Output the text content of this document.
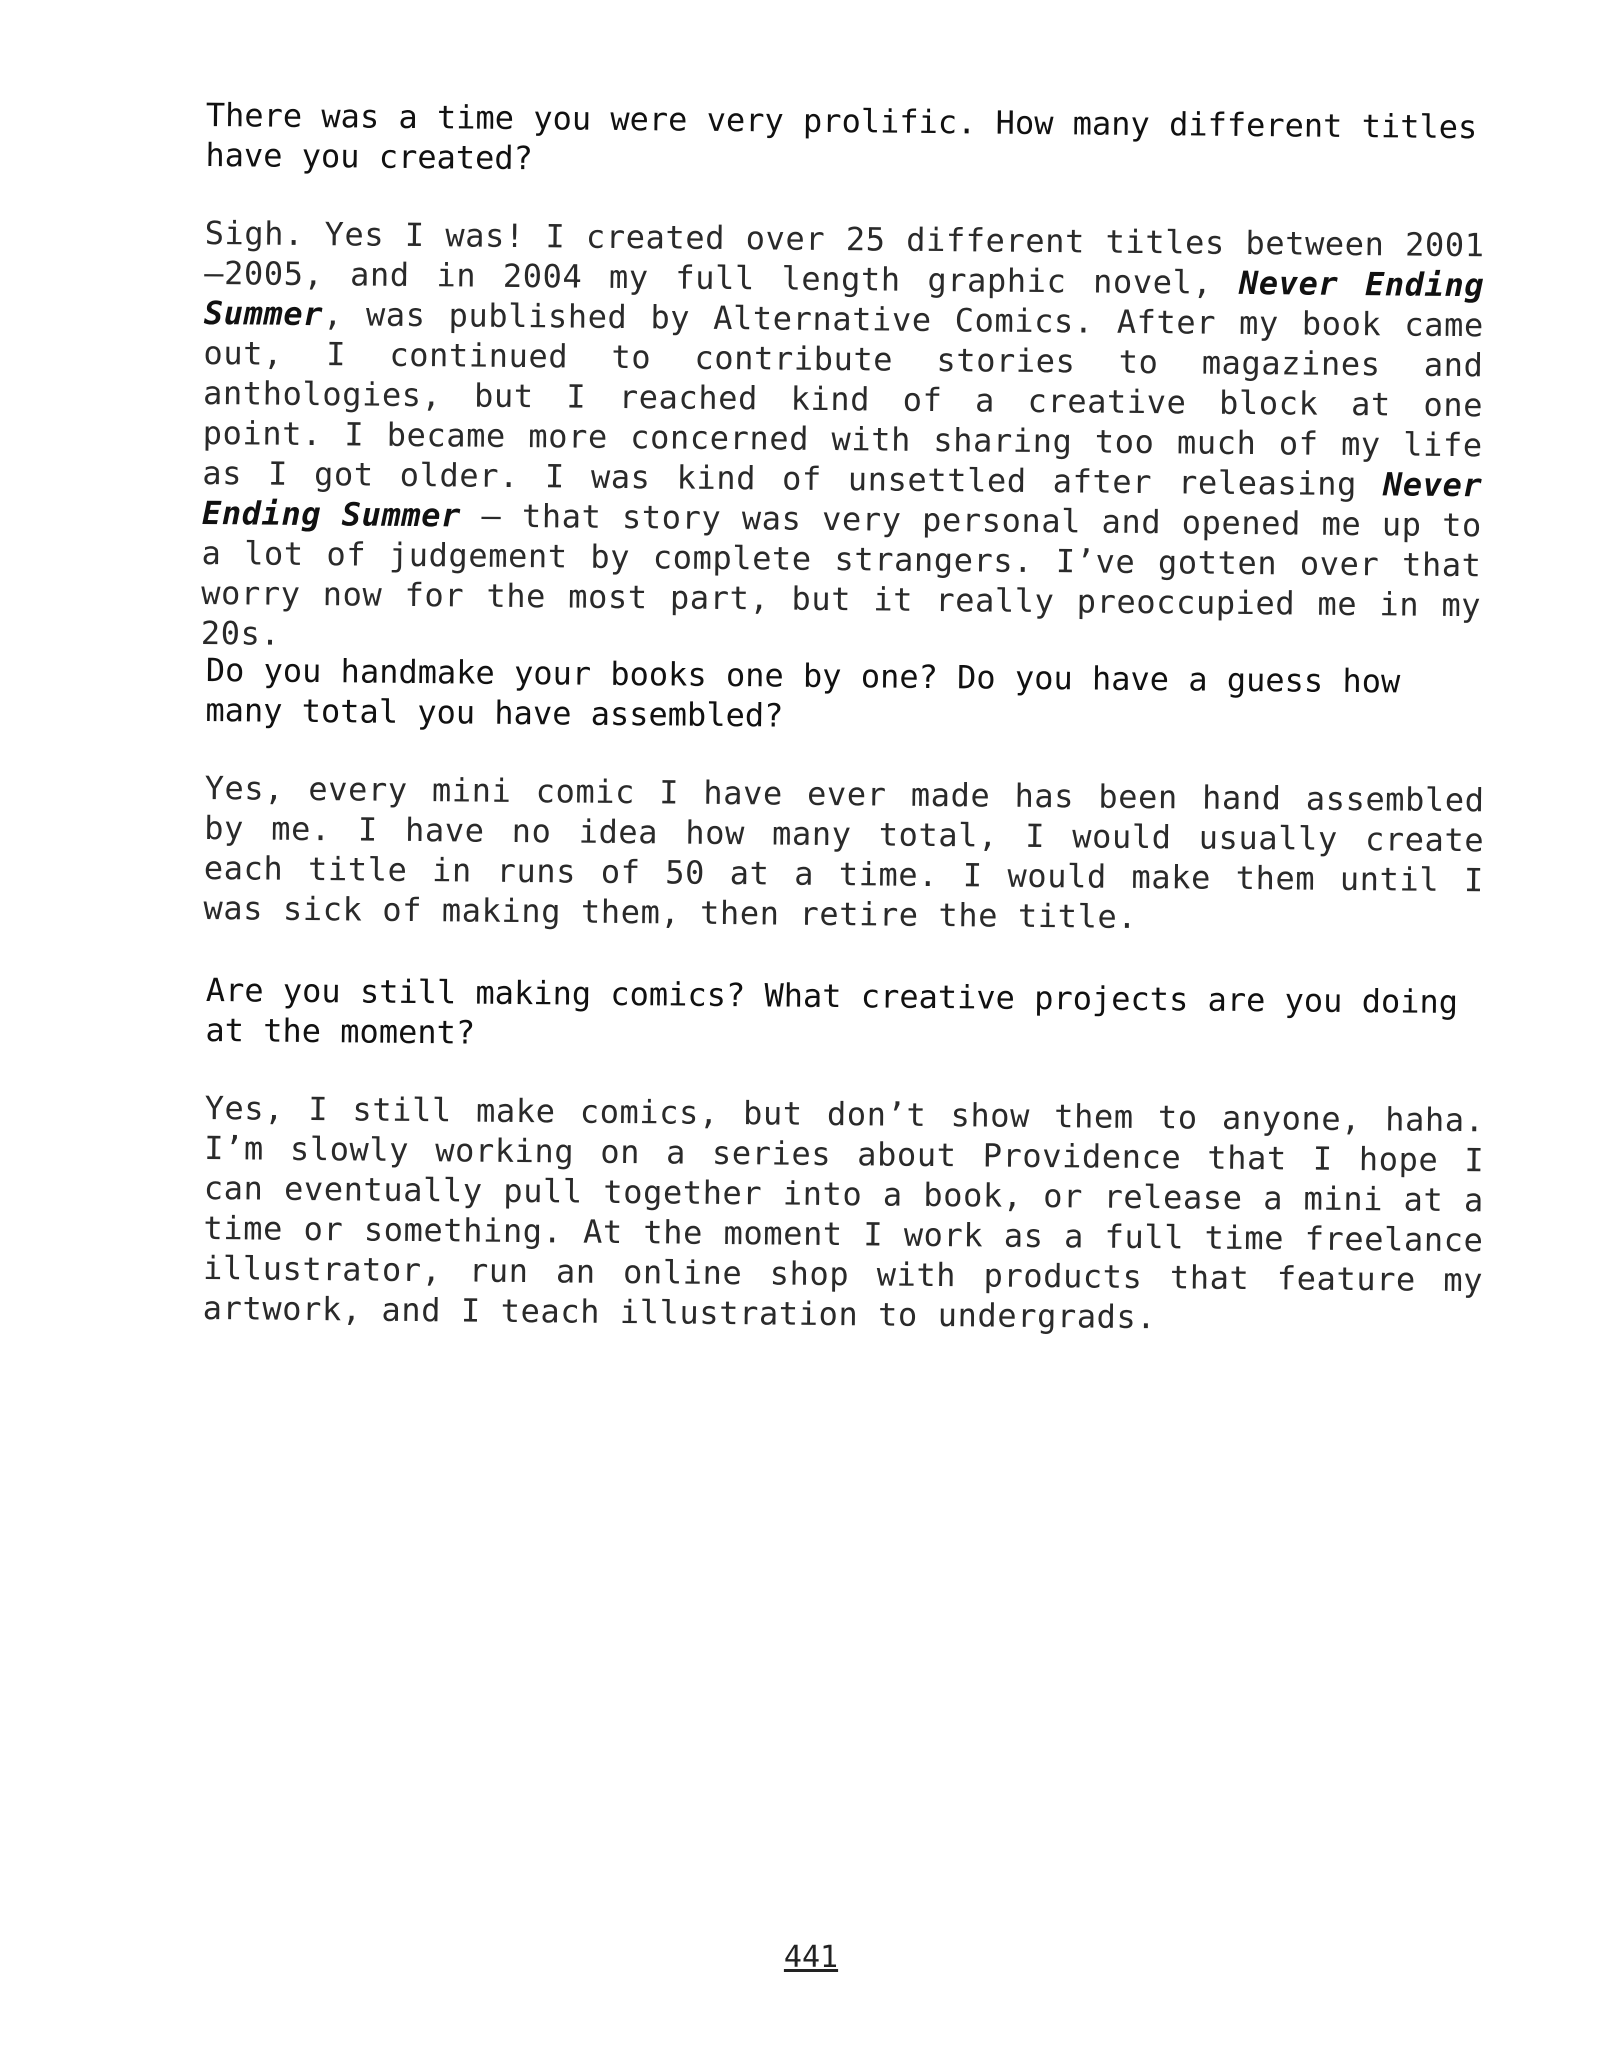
There was a time you were very prolific. How many different titles have you created?

Sigh. Yes I was! I created over 25 different titles between 2001—2005, and in 2004 my full length graphic novel, Never Ending Summer, was published by Alternative Comics. After my book came out, I continued to contribute stories to magazines and anthologies, but I reached kind of a creative block at one point. I became more concerned with sharing too much of my life as I got older. I was kind of unsettled after releasing Never Ending Summer — that story was very personal and opened me up to a lot of judgement by complete strangers. I’ve gotten over that worry now for the most part, but it really preoccupied me in my 20s.

Do you handmake your books one by one? Do you have a guess how many total you have assembled?

Yes, every mini comic I have ever made has been hand assembled by me. I have no idea how many total, I would usually create each title in runs of 50 at a time. I would make them until I was sick of making them, then retire the title.

Are you still making comics? What creative projects are you doing at the moment?

Yes, I still make comics, but don’t show them to anyone, haha. I’m slowly working on a series about Providence that I hope I can eventually pull together into a book, or release a mini at a time or something. At the moment I work as a full time freelance illustrator, run an online shop with products that feature my artwork, and I teach illustration to undergrads.

441
